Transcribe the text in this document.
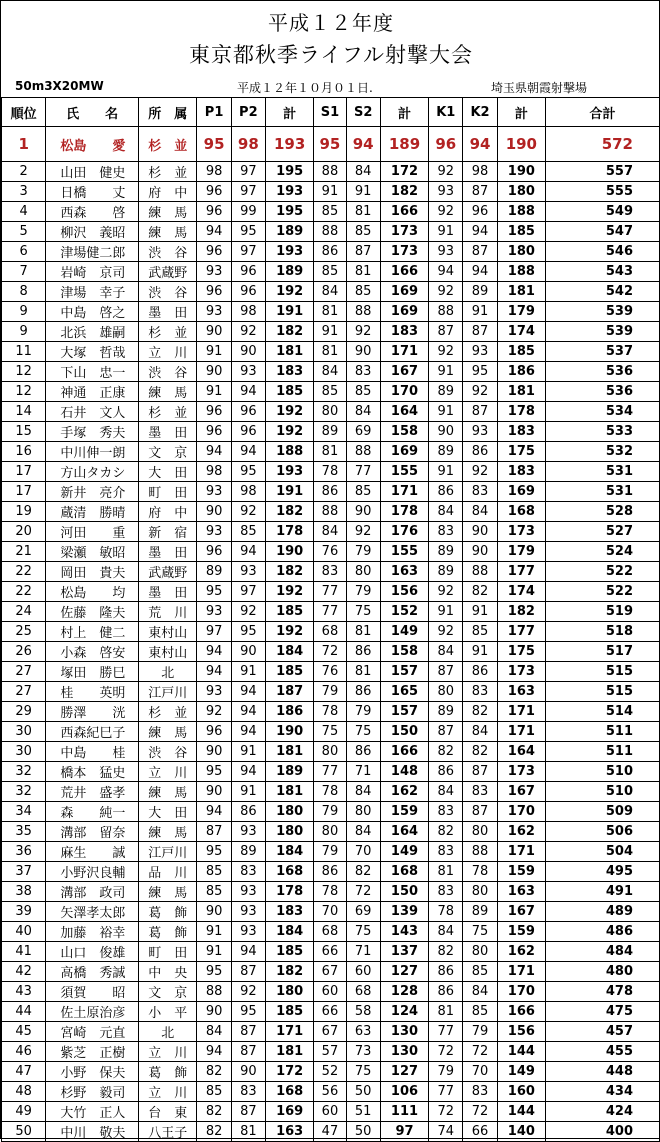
平成１２年度
東京都秋季ライフル射撃大会
50m3X20MW	平成１２年１０月０１日.	埼玉県朝霞射撃場
順位	氏　　名	所　属	P1	P2	計	S1	S2	計	K1	K2	計	合計
1	松島　　愛	杉　並	95	98	193	95	94	189	96	94	190	572
2	山田　健史	杉　並	98	97	195	88	84	172	92	98	190	557
3	日橋　　丈	府　中	96	97	193	91	91	182	93	87	180	555
4	西森　　啓	練　馬	96	99	195	85	81	166	92	96	188	549
5	柳沢　義昭	練　馬	94	95	189	88	85	173	91	94	185	547
6	津場健二郎	渋　谷	96	97	193	86	87	173	93	87	180	546
7	岩崎　京司	武蔵野	93	96	189	85	81	166	94	94	188	543
8	津場　幸子	渋　谷	96	96	192	84	85	169	92	89	181	542
9	中島　啓之	墨　田	93	98	191	81	88	169	88	91	179	539
9	北浜　雄嗣	杉　並	90	92	182	91	92	183	87	87	174	539
11	大塚　哲哉	立　川	91	90	181	81	90	171	92	93	185	537
12	下山　忠一	渋　谷	90	93	183	84	83	167	91	95	186	536
12	神通　正康	練　馬	91	94	185	85	85	170	89	92	181	536
14	石井　文人	杉　並	96	96	192	80	84	164	91	87	178	534
15	手塚　秀夫	墨　田	96	96	192	89	69	158	90	93	183	533
16	中川伸一朗	文　京	94	94	188	81	88	169	89	86	175	532
17	方山タカシ	大　田	98	95	193	78	77	155	91	92	183	531
17	新井　亮介	町　田	93	98	191	86	85	171	86	83	169	531
19	蔵清　勝晴	府　中	90	92	182	88	90	178	84	84	168	528
20	河田　　重	新　宿	93	85	178	84	92	176	83	90	173	527
21	梁瀬　敏昭	墨　田	96	94	190	76	79	155	89	90	179	524
22	岡田　貴夫	武蔵野	89	93	182	83	80	163	89	88	177	522
22	松島　　均	墨　田	95	97	192	77	79	156	92	82	174	522
24	佐藤　隆夫	荒　川	93	92	185	77	75	152	91	91	182	519
25	村上　健二	東村山	97	95	192	68	81	149	92	85	177	518
26	小森　啓安	東村山	94	90	184	72	86	158	84	91	175	517
27	塚田　勝巳	北	94	91	185	76	81	157	87	86	173	515
27	桂　　英明	江戸川	93	94	187	79	86	165	80	83	163	515
29	勝澤　　洸	杉　並	92	94	186	78	79	157	89	82	171	514
30	西森紀巳子	練　馬	96	94	190	75	75	150	87	84	171	511
30	中島　　桂	渋　谷	90	91	181	80	86	166	82	82	164	511
32	橋本　猛史	立　川	95	94	189	77	71	148	86	87	173	510
32	荒井　盛孝	練　馬	90	91	181	78	84	162	84	83	167	510
34	森　　純一	大　田	94	86	180	79	80	159	83	87	170	509
35	溝部　留奈	練　馬	87	93	180	80	84	164	82	80	162	506
36	麻生　　誠	江戸川	95	89	184	79	70	149	83	88	171	504
37	小野沢良輔	品　川	85	83	168	86	82	168	81	78	159	495
38	溝部　政司	練　馬	85	93	178	78	72	150	83	80	163	491
39	矢澤孝太郎	葛　飾	90	93	183	70	69	139	78	89	167	489
40	加藤　裕幸	葛　飾	91	93	184	68	75	143	84	75	159	486
41	山口　俊雄	町　田	91	94	185	66	71	137	82	80	162	484
42	高橋　秀誠	中　央	95	87	182	67	60	127	86	85	171	480
43	須賀　　昭	文　京	88	92	180	60	68	128	86	84	170	478
44	佐土原治彦	小　平	90	95	185	66	58	124	81	85	166	475
45	宮崎　元直	北	84	87	171	67	63	130	77	79	156	457
46	紫芝　正樹	立　川	94	87	181	57	73	130	72	72	144	455
47	小野　保夫	葛　飾	82	90	172	52	75	127	79	70	149	448
48	杉野　毅司	立　川	85	83	168	56	50	106	77	83	160	434
49	大竹　正人	台　東	82	87	169	60	51	111	72	72	144	424
50	中川　敬夫	八王子	82	81	163	47	50	97	74	66	140	400
